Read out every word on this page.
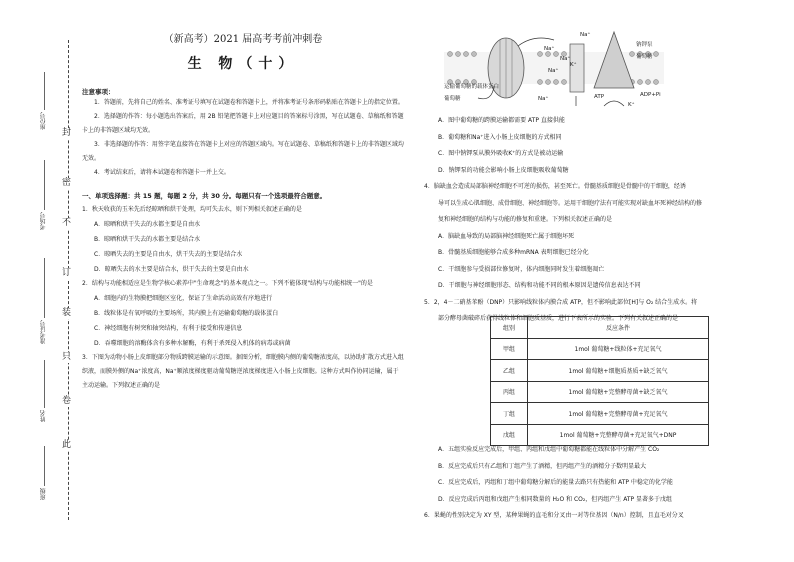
封
密
不
订
装
只
卷
此
座位号
考场号
准考证号
姓名
班级
（新高考）2021 届高考考前冲刺卷
生 物（十）
注意事项：
1．答题前，先将自己的姓名、准考证号填写在试题卷和答题卡上，并将准考证号条形码粘贴在答题卡上的指定位置。
2．选择题的作答：每小题选出答案后，用 2B 铅笔把答题卡上对应题目的答案标号涂黑，写在试题卷、草稿纸和答题卡上的非答题区域均无效。
3．非选择题的作答：用签字笔直接答在答题卡上对应的答题区域内。写在试题卷、草稿纸和答题卡上的非答题区域均无效。
4．考试结束后，请将本试题卷和答题卡一并上交。
一、单项选择题：共 15 题，每题 2 分，共 30 分。每题只有一个选项最符合题意。
1．秋天收获的玉米先后经晾晒和烘干处理，均可失去水，则下列相关叙述正确的是
A．晾晒和烘干失去的水都主要是自由水
B．晾晒和烘干失去的水都主要是结合水
C．晾晒失去的主要是自由水，烘干失去的主要是结合水
D．晾晒失去的水主要是结合水，烘干失去的主要是自由水
2．结构与功能相适应是生物学核心素养中"生命观念"的基本观点之一。下列不能体现"结构与功能相统一"的是
A．细胞内的生物膜把细胞区室化，保证了生命活动高效有序地进行
B．线粒体是有氧呼吸的主要场所，其内膜上有运输葡萄糖的载体蛋白
C．神经细胞有树突和轴突结构，有利于接受和传递信息
D．吞噬细胞的溶酶体含有多种水解酶，有利于杀死侵入机体的病毒或病菌
3．下图为动物小肠上皮细胞部分物质跨膜运输的示意图。据图分析，细胞膜内侧的葡萄糖浓度高，以协助扩散方式进入组织液，而膜外侧的Na⁺浓度高，Na⁺顺浓度梯度驱动葡萄糖逆浓度梯度进入小肠上皮细胞。这种方式叫作协同运输，属于主动运输。下列叙述正确的是
Na⁺
Na⁺
钠钾泵
Na⁺
K⁺
Na⁺
葡萄糖
运输葡萄糖的载体蛋白
Na⁺	ATP	ADP+Pi
K⁺
葡萄糖
A．图中葡萄糖的跨膜运输都需要 ATP 直接供能
B．葡萄糖和Na⁺进入小肠上皮细胞的方式相同
C．图中钠钾泵从膜外吸收K⁺的方式是被动运输
D．钠钾泵的功能会影响小肠上皮细胞吸收葡萄糖
4．脑缺血会造成局部脑神经细胞不可逆的损伤，甚至死亡。骨髓基质细胞是骨髓中的干细胞，经诱
导可以生成心肌细胞、成骨细胞、神经细胞等。运用干细胞疗法有可能实现对缺血坏死神经结构的修
复和神经细胞的结构与功能的修复和重建。下列相关叙述正确的是
A．脑缺血导致的局部脑神经细胞死亡属于细胞坏死
B．骨髓基质细胞能够合成多种mRNA 表明细胞已经分化
C．干细胞参与受损部位修复时，体内细胞同时发生着细胞凋亡
D．干细胞与神经细胞形态、结构和功能不同的根本原因是遗传信息表达不同
5．2，4－二硝基苯酚（DNP）只影响线粒体内膜合成 ATP，但不影响此部位[H]与 O₂ 结合生成水。将
部分酵母菌破碎后获得线粒体和细胞质基质，进行下表所示的实验。下列有关叙述正确的是
组别	反应条件
甲组	1mol 葡萄糖+线粒体+充足氧气
乙组	1mol 葡萄糖+细胞质基质+缺乏氧气
丙组	1mol 葡萄糖+完整酵母菌+缺乏氧气
丁组	1mol 葡萄糖+完整酵母菌+充足氧气
戊组	1mol 葡萄糖+完整酵母菌+充足氧气+DNP
A．五组实验反应完成后，甲组、丙组和戊组中葡萄糖都能在线粒体中分解产生 CO₂
B．反应完成后只有乙组和丁组产生了酒精，但丙组产生的酒精分子数明显最大
C．反应完成后，丙组和丁组中葡萄糖分解后的能量去路只有热能和 ATP 中稳定的化学能
D．反应完成后丙组和戊组产生相同数量的 H₂O 和 CO₂，但丙组产生 ATP 显著多于戊组
6．果蝇的性别决定为 XY 型，某种果蝇的直毛和分叉由一对等位基因（N/n）控制，且直毛对分叉
